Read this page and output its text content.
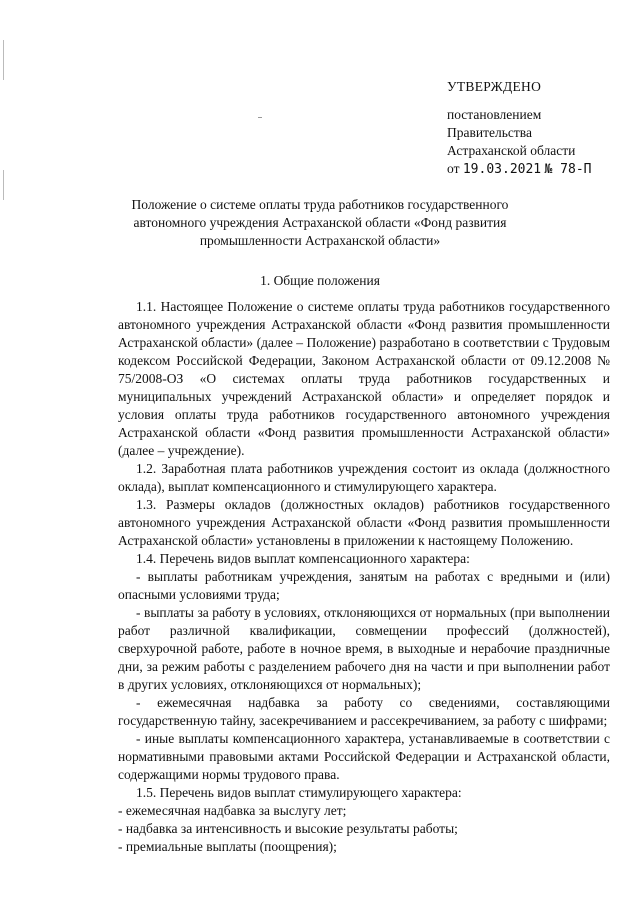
УТВЕРЖДЕНО
постановлением
Правительства
Астраханской области
от 19.03.2021 № 78-П
Положение о системе оплаты труда работников государственного
автономного учреждения Астраханской области «Фонд развития
промышленности Астраханской области»
1. Общие положения

1.1. Настоящее Положение о системе оплаты труда работников государственного автономного учреждения Астраханской области «Фонд развития промышленности Астраханской области» (далее – Положение) разработано в соответствии с Трудовым кодексом Российской Федерации, Законом Астраханской области от 09.12.2008 № 75/2008-ОЗ «О системах оплаты труда работников государственных и муниципальных учреждений Астраханской области» и определяет порядок и условия оплаты труда работников государственного автономного учреждения Астраханской области «Фонд развития промышленности Астраханской области» (далее – учреждение).

1.2. Заработная плата работников учреждения состоит из оклада (должностного оклада), выплат компенсационного и стимулирующего характера.

1.3. Размеры окладов (должностных окладов) работников государственного автономного учреждения Астраханской области «Фонд развития промышленности Астраханской области» установлены в приложении к настоящему Положению.

1.4. Перечень видов выплат компенсационного характера:

- выплаты работникам учреждения, занятым на работах с вредными и (или) опасными условиями труда;

- выплаты за работу в условиях, отклоняющихся от нормальных (при выполнении работ различной квалификации, совмещении профессий (должностей), сверхурочной работе, работе в ночное время, в выходные и нерабочие праздничные дни, за режим работы с разделением рабочего дня на части и при выполнении работ в других условиях, отклоняющихся от нормальных);

- ежемесячная надбавка за работу со сведениями, составляющими государственную тайну, засекречиванием и рассекречиванием, за работу с шифрами;

- иные выплаты компенсационного характера, устанавливаемые в соответствии с нормативными правовыми актами Российской Федерации и Астраханской области, содержащими нормы трудового права.

1.5. Перечень видов выплат стимулирующего характера:

- ежемесячная надбавка за выслугу лет;

- надбавка за интенсивность и высокие результаты работы;

- премиальные выплаты (поощрения);
